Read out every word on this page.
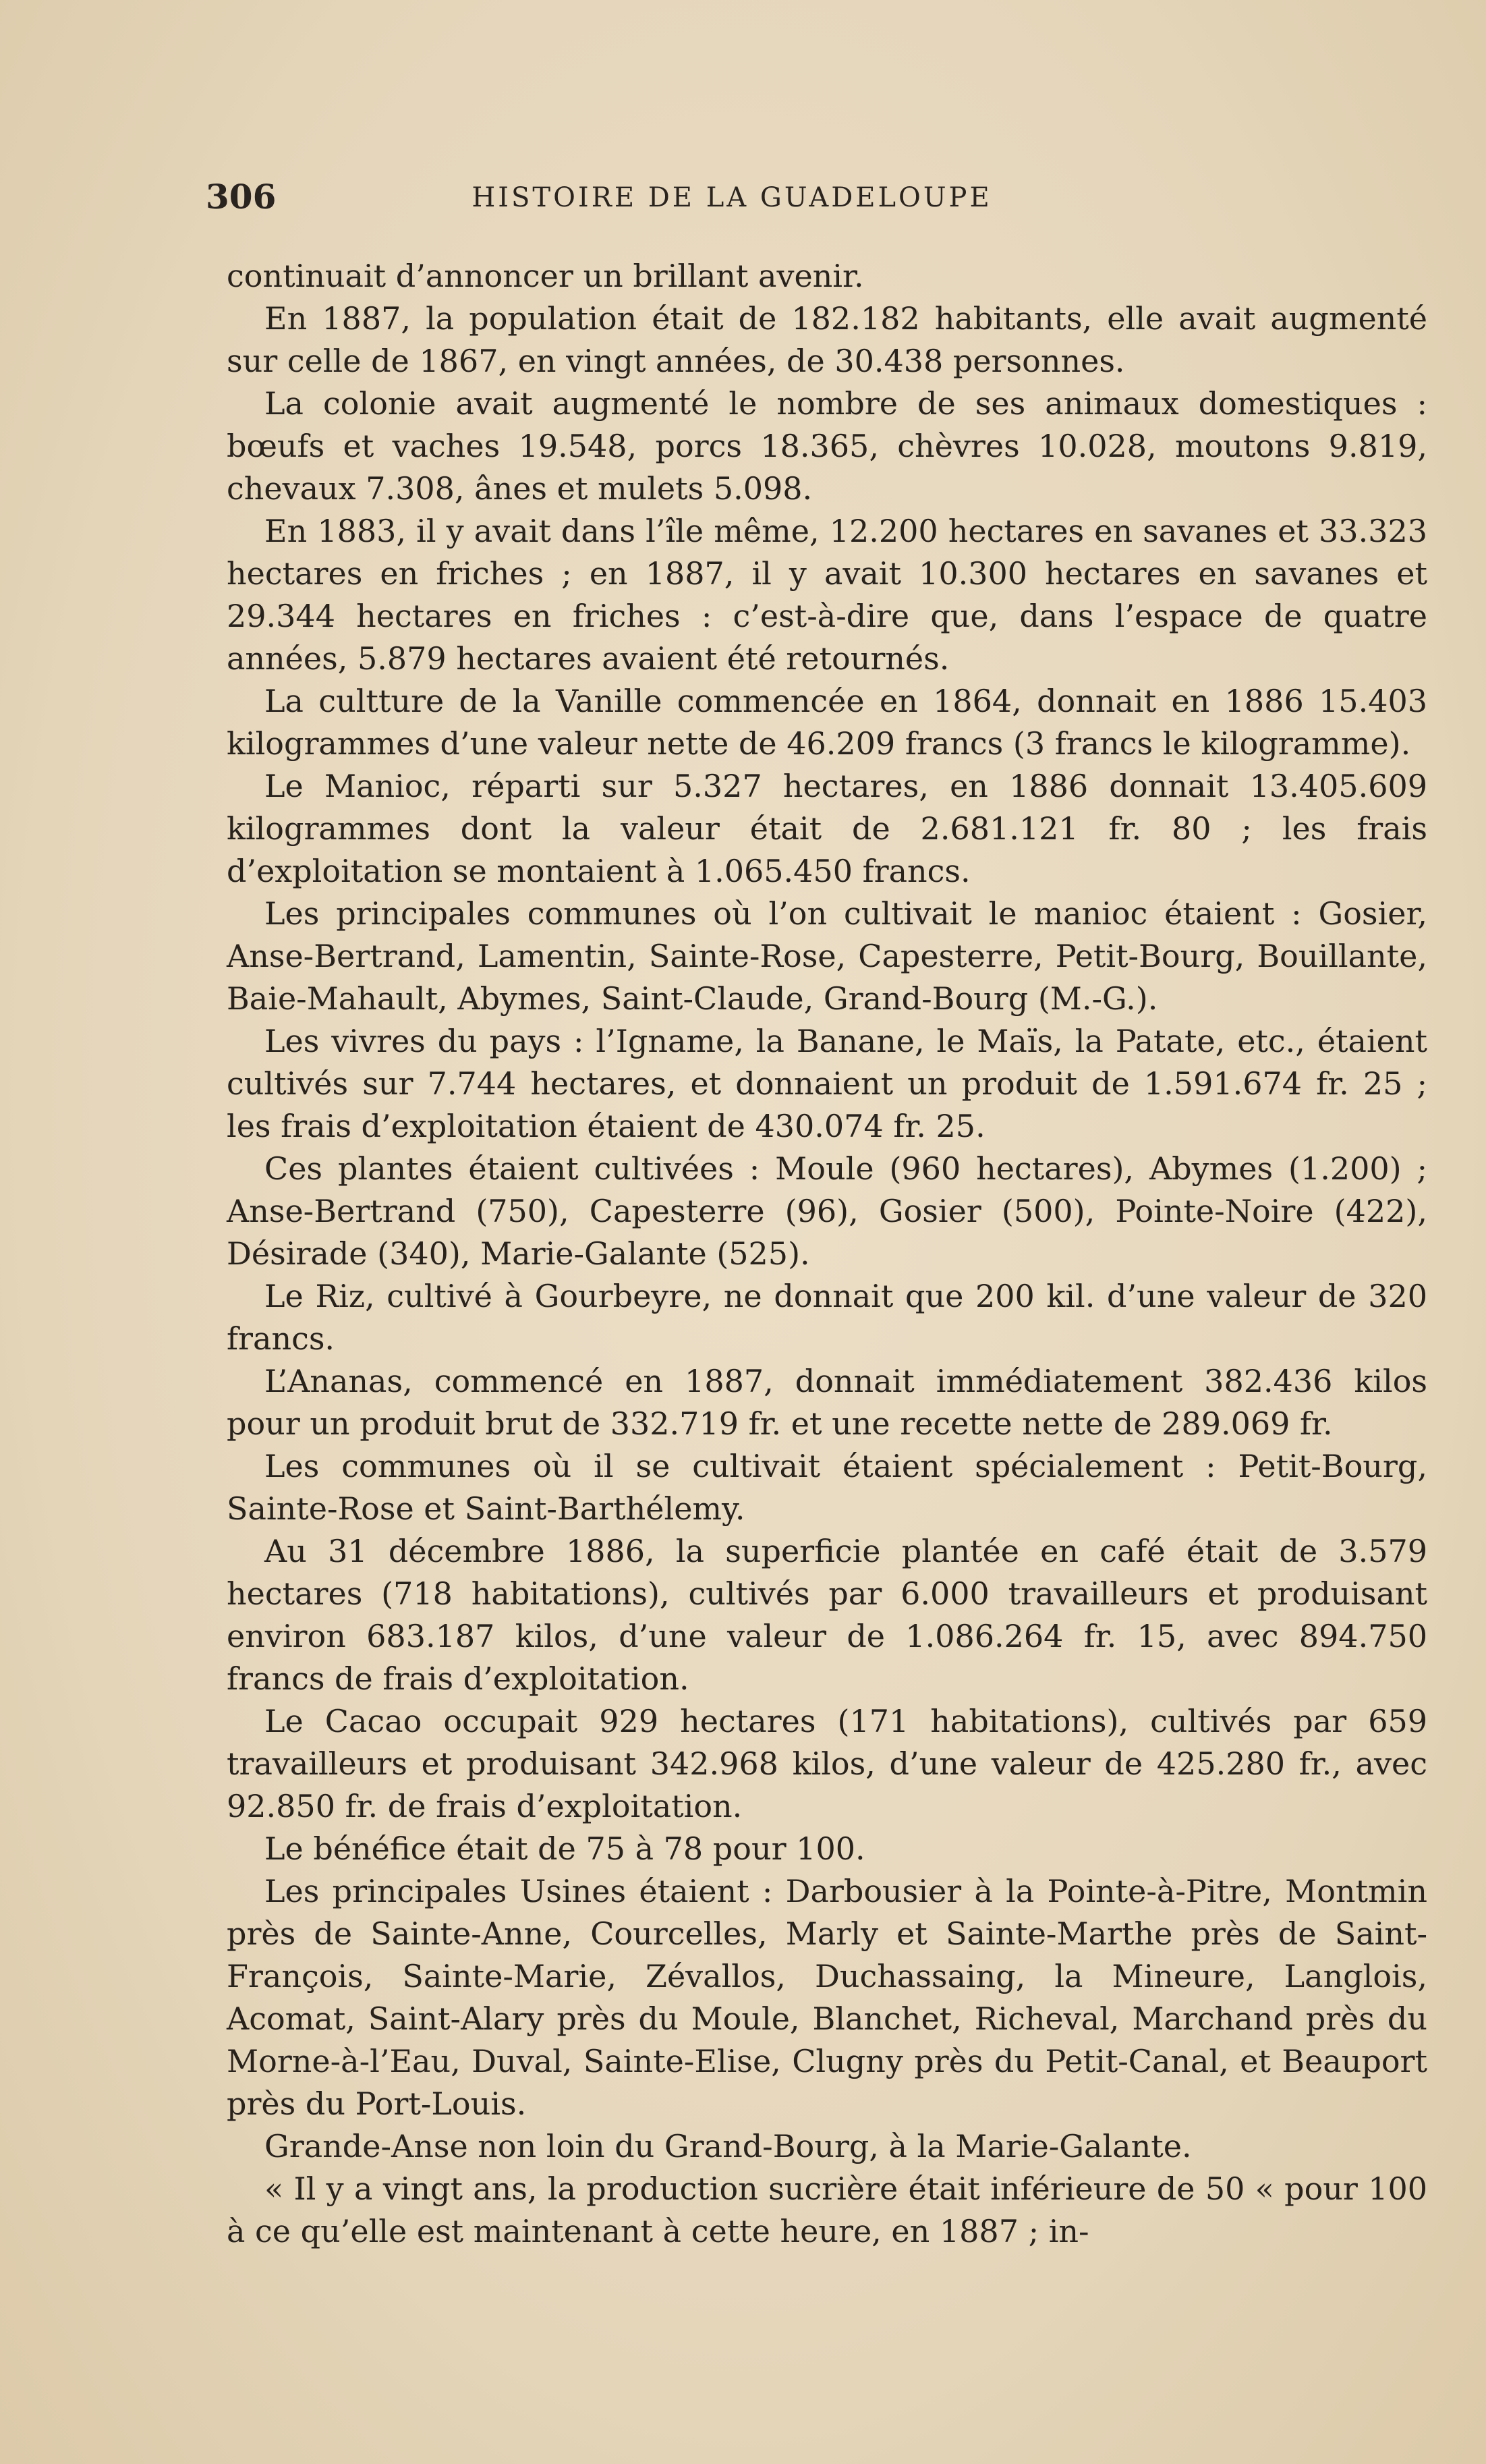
306	HISTOIRE DE LA GUADELOUPE

continuait d’annoncer un brillant avenir.

En 1887, la population était de 182.182 habitants, elle avait augmenté sur celle de 1867, en vingt années, de 30.438 personnes.

La colonie avait augmenté le nombre de ses animaux domestiques : bœufs et vaches 19.548, porcs 18.365, chèvres 10.028, moutons 9.819, chevaux 7.308, ânes et mulets 5.098.

En 1883, il y avait dans l’île même, 12.200 hectares en savanes et 33.323 hectares en friches ; en 1887, il y avait 10.300 hectares en savanes et 29.344 hectares en friches : c’est-à-dire que, dans l’espace de quatre années, 5.879 hectares avaient été retournés.

La cultture de la Vanille commencée en 1864, donnait en 1886 15.403 kilogrammes d’une valeur nette de 46.209 francs (3 francs le kilogramme).

Le Manioc, réparti sur 5.327 hectares, en 1886 donnait 13.405.609 kilogrammes dont la valeur était de 2.681.121 fr. 80 ; les frais d’exploitation se montaient à 1.065.450 francs.

Les principales communes où l’on cultivait le manioc étaient : Gosier, Anse-Bertrand, Lamentin, Sainte-Rose, Capesterre, Petit-Bourg, Bouillante, Baie-Mahault, Abymes, Saint-Claude, Grand-Bourg (M.-G.).

Les vivres du pays : l’Igname, la Banane, le Maïs, la Patate, etc., étaient cultivés sur 7.744 hectares, et donnaient un produit de 1.591.674 fr. 25 ; les frais d’exploitation étaient de 430.074 fr. 25.

Ces plantes étaient cultivées : Moule (960 hectares), Abymes (1.200) ; Anse-Bertrand (750), Capesterre (96), Gosier (500), Pointe-Noire (422), Désirade (340), Marie-Galante (525).

Le Riz, cultivé à Gourbeyre, ne donnait que 200 kil. d’une valeur de 320 francs.

L’Ananas, commencé en 1887, donnait immédiatement 382.436 kilos pour un produit brut de 332.719 fr. et une recette nette de 289.069 fr.

Les communes où il se cultivait étaient spécialement : Petit-Bourg, Sainte-Rose et Saint-Barthélemy.

Au 31 décembre 1886, la superficie plantée en café était de 3.579 hectares (718 habitations), cultivés par 6.000 travailleurs et produisant environ 683.187 kilos, d’une valeur de 1.086.264 fr. 15, avec 894.750 francs de frais d’exploitation.

Le Cacao occupait 929 hectares (171 habitations), cultivés par 659 travailleurs et produisant 342.968 kilos, d’une valeur de 425.280 fr., avec 92.850 fr. de frais d’exploitation.

Le bénéfice était de 75 à 78 pour 100.

Les principales Usines étaient : Darbousier à la Pointe-à-Pitre, Montmin près de Sainte-Anne, Courcelles, Marly et Sainte-Marthe près de Saint-François, Sainte-Marie, Zévallos, Duchassaing, la Mineure, Langlois, Acomat, Saint-Alary près du Moule, Blanchet, Richeval, Marchand près du Morne-à-l’Eau, Duval, Sainte-Elise, Clugny près du Petit-Canal, et Beauport près du Port-Louis.

Grande-Anse non loin du Grand-Bourg, à la Marie-Galante.

« Il y a vingt ans, la production sucrière était inférieure de 50 « pour 100 à ce qu’elle est maintenant à cette heure, en 1887 ; in-
